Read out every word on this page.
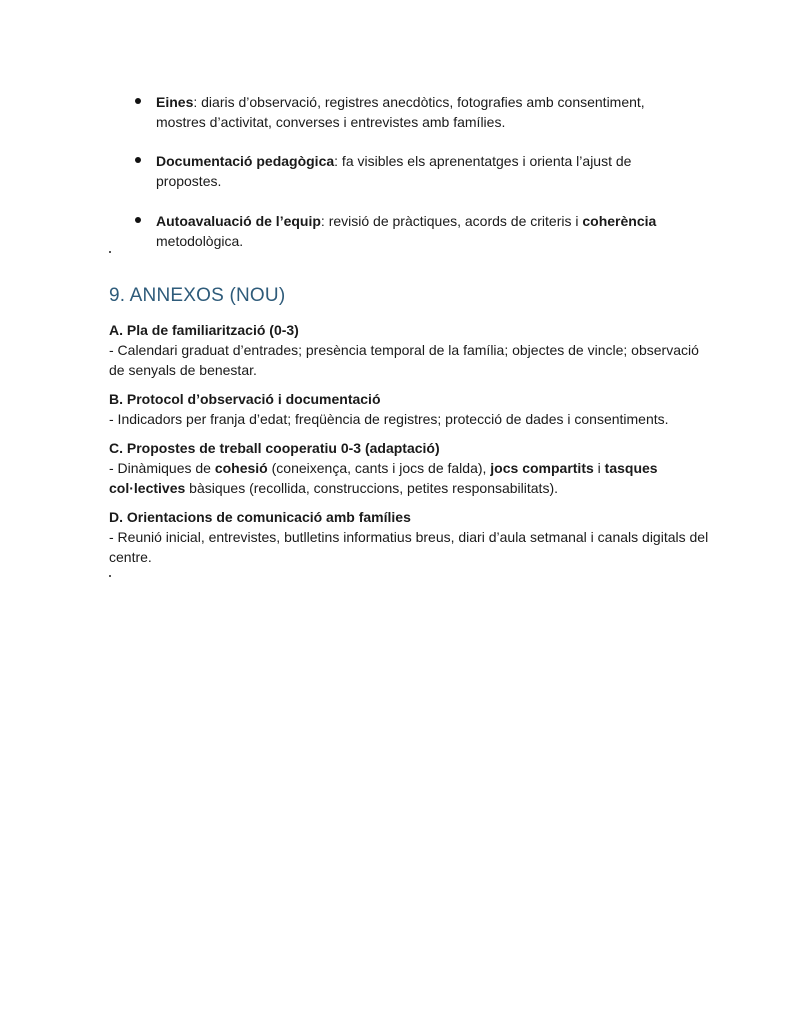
Eines: diaris d’observació, registres anecdòtics, fotografies amb consentiment, mostres d’activitat, converses i entrevistes amb famílies.
Documentació pedagògica: fa visibles els aprenentatges i orienta l’ajust de propostes.
Autoavaluació de l’equip: revisió de pràctiques, acords de criteris i coherència metodològica.
9. ANNEXOS (NOU)
A. Pla de familiarització (0-3)
- Calendari graduat d’entrades; presència temporal de la família; objectes de vincle; observació de senyals de benestar.
B. Protocol d’observació i documentació
- Indicadors per franja d’edat; freqüència de registres; protecció de dades i consentiments.
C. Propostes de treball cooperatiu 0-3 (adaptació)
- Dinàmiques de cohesió (coneixença, cants i jocs de falda), jocs compartits i tasques col·lectives bàsiques (recollida, construccions, petites responsabilitats).
D. Orientacions de comunicació amb famílies
- Reunió inicial, entrevistes, butlletins informatius breus, diari d’aula setmanal i canals digitals del centre.
